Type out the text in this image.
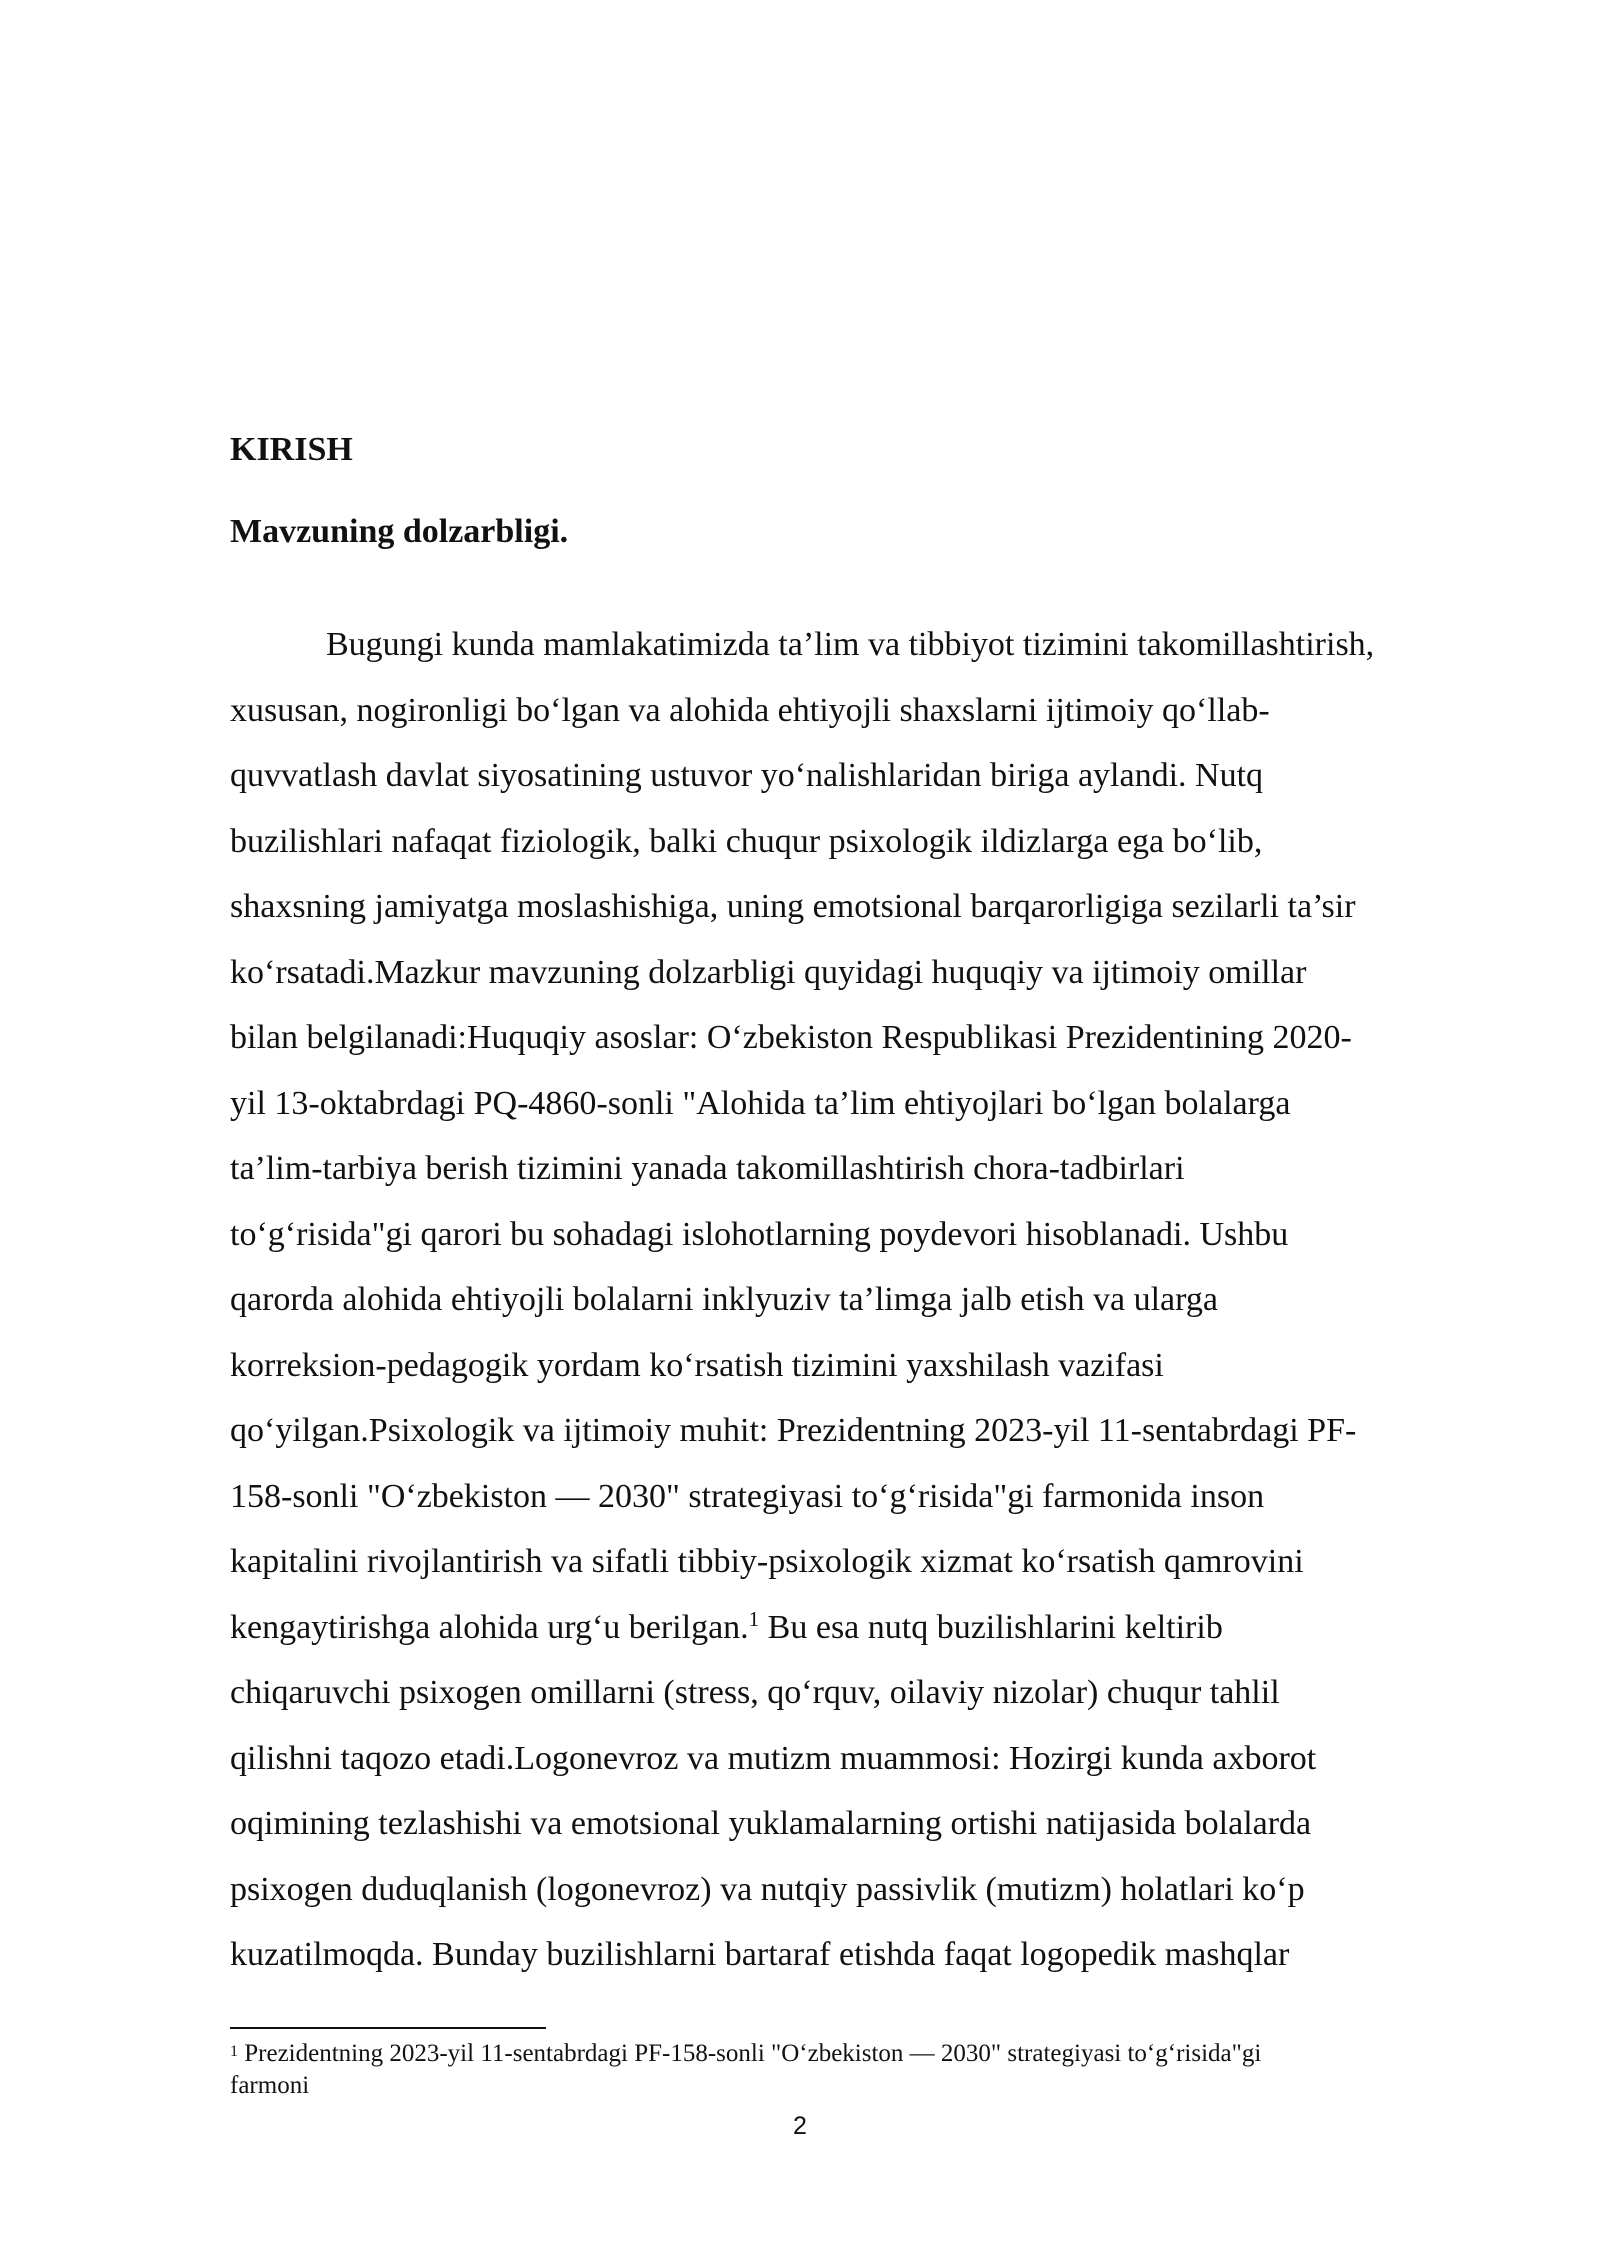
KIRISH
Mavzuning dolzarbligi.
Bugungi kunda mamlakatimizda ta’lim va tibbiyot tizimini takomillashtirish,
xususan, nogironligi bo‘lgan va alohida ehtiyojli shaxslarni ijtimoiy qo‘llab-
quvvatlash davlat siyosatining ustuvor yo‘nalishlaridan biriga aylandi. Nutq
buzilishlari nafaqat fiziologik, balki chuqur psixologik ildizlarga ega bo‘lib,
shaxsning jamiyatga moslashishiga, uning emotsional barqarorligiga sezilarli ta’sir
ko‘rsatadi.Mazkur mavzuning dolzarbligi quyidagi huquqiy va ijtimoiy omillar
bilan belgilanadi:Huquqiy asoslar: O‘zbekiston Respublikasi Prezidentining 2020-
yil 13-oktabrdagi PQ-4860-sonli "Alohida ta’lim ehtiyojlari bo‘lgan bolalarga
ta’lim-tarbiya berish tizimini yanada takomillashtirish chora-tadbirlari
to‘g‘risida"gi qarori bu sohadagi islohotlarning poydevori hisoblanadi. Ushbu
qarorda alohida ehtiyojli bolalarni inklyuziv ta’limga jalb etish va ularga
korreksion-pedagogik yordam ko‘rsatish tizimini yaxshilash vazifasi
qo‘yilgan.Psixologik va ijtimoiy muhit: Prezidentning 2023-yil 11-sentabrdagi PF-
158-sonli "O‘zbekiston — 2030" strategiyasi to‘g‘risida"gi farmonida inson
kapitalini rivojlantirish va sifatli tibbiy-psixologik xizmat ko‘rsatish qamrovini
kengaytirishga alohida urg‘u berilgan.$^1$ Bu esa nutq buzilishlarini keltirib
chiqaruvchi psixogen omillarni (stress, qo‘rquv, oilaviy nizolar) chuqur tahlil
qilishni taqozo etadi.Logonevroz va mutizm muammosi: Hozirgi kunda axborot
oqimining tezlashishi va emotsional yuklamalarning ortishi natijasida bolalarda
psixogen duduqlanish (logonevroz) va nutqiy passivlik (mutizm) holatlari ko‘p
kuzatilmoqda. Bunday buzilishlarni bartaraf etishda faqat logopedik mashqlar
$^1$ Prezidentning 2023-yil 11-sentabrdagi PF-158-sonli "O‘zbekiston — 2030" strategiyasi to‘g‘risida"gi
farmoni
2
